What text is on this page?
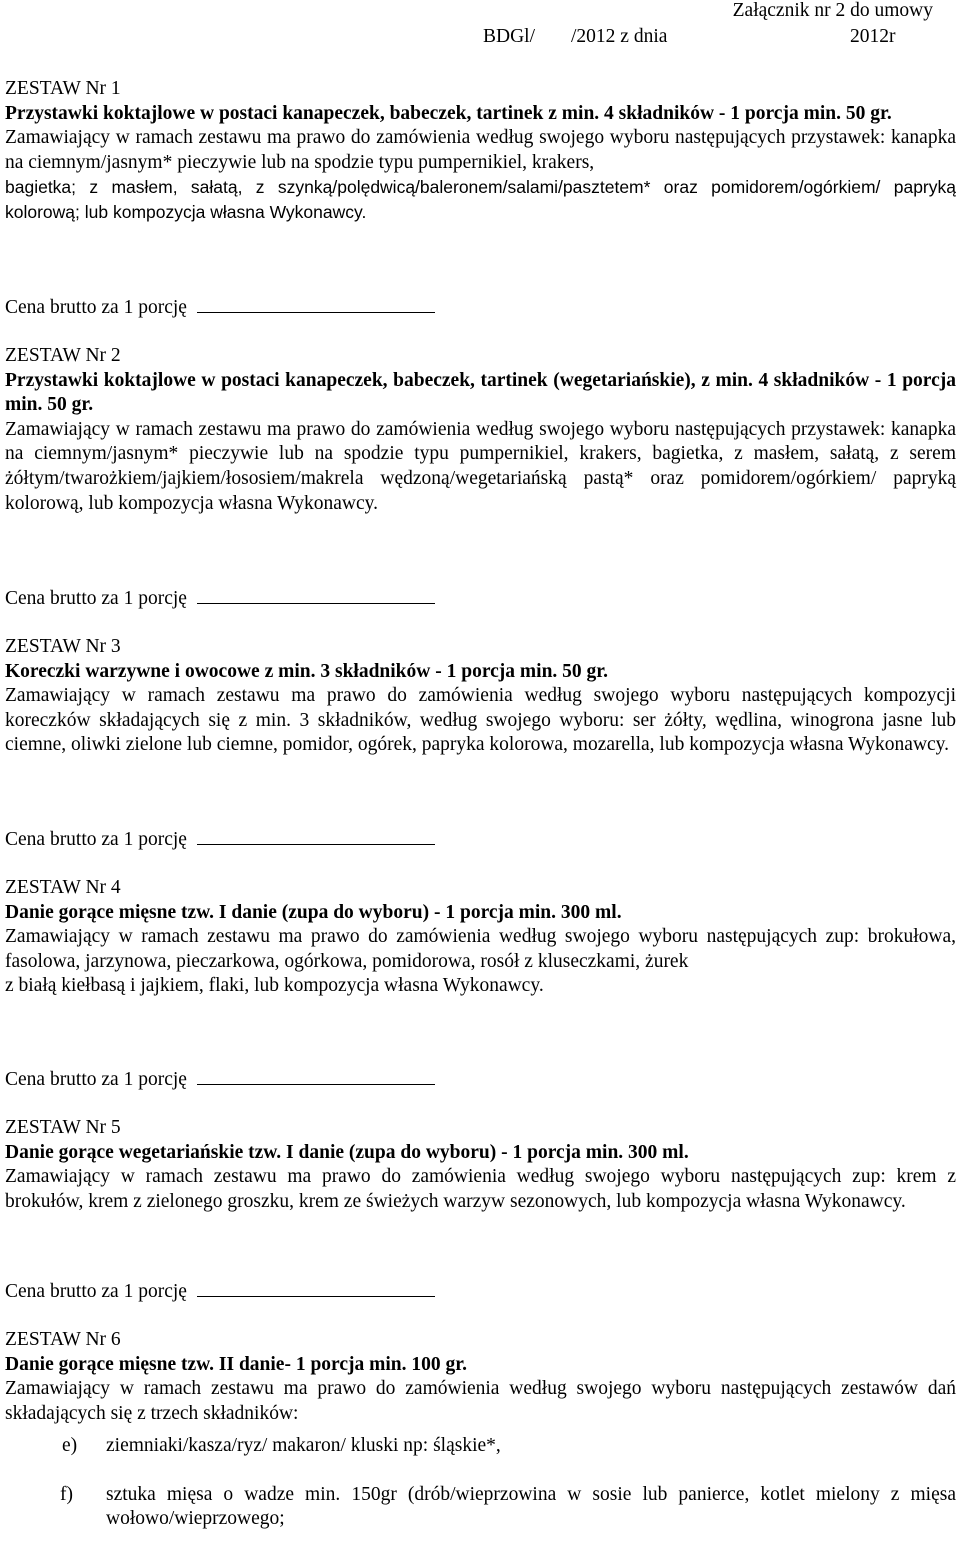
Załącznik nr 2 do umowy

BDGl/

/2012 z dnia

	2012r

ZESTAW Nr 1
Przystawki koktajlowe w postaci kanapeczek, babeczek, tartinek z min. 4 składników - 1 porcja min. 50 gr.
Zamawiający w ramach zestawu ma prawo do zamówienia według swojego wyboru następujących przystawek: kanapka na ciemnym/jasnym* pieczywie lub na spodzie typu pumpernikiel, krakers,
bagietka; z masłem, sałatą, z szynką/polędwicą/baleronem/salami/pasztetem* oraz pomidorem/ogórkiem/ papryką kolorową; lub kompozycja własna Wykonawcy.
Cena brutto za 1 porcję
ZESTAW Nr 2
Przystawki koktajlowe w postaci kanapeczek, babeczek, tartinek (wegetariańskie), z min. 4 składników - 1 porcja min. 50 gr.
Zamawiający w ramach zestawu ma prawo do zamówienia według swojego wyboru następujących przystawek: kanapka na ciemnym/jasnym* pieczywie lub na spodzie typu pumpernikiel, krakers, bagietka, z masłem, sałatą, z serem żółtym/twarożkiem/jajkiem/łososiem/makrela wędzoną/wegetariańską pastą* oraz pomidorem/ogórkiem/ papryką kolorową, lub kompozycja własna Wykonawcy.
Cena brutto za 1 porcję
ZESTAW Nr 3
Koreczki warzywne i owocowe z min. 3 składników - 1 porcja min. 50 gr.
Zamawiający w ramach zestawu ma prawo do zamówienia według swojego wyboru następujących kompozycji koreczków składających się z min. 3 składników, według swojego wyboru: ser żółty, wędlina, winogrona jasne lub ciemne, oliwki zielone lub ciemne, pomidor, ogórek, papryka kolorowa, mozarella, lub kompozycja własna Wykonawcy.
Cena brutto za 1 porcję
ZESTAW Nr 4
Danie gorące mięsne tzw. I danie (zupa do wyboru) - 1 porcja min. 300 ml.
Zamawiający w ramach zestawu ma prawo do zamówienia według swojego wyboru następujących zup: brokułowa, fasolowa, jarzynowa, pieczarkowa, ogórkowa, pomidorowa, rosół z kluseczkami, żurek
z białą kiełbasą i jajkiem, flaki, lub kompozycja własna Wykonawcy.
Cena brutto za 1 porcję
ZESTAW Nr 5
Danie gorące wegetariańskie tzw. I danie (zupa do wyboru) - 1 porcja min. 300 ml.
Zamawiający w ramach zestawu ma prawo do zamówienia według swojego wyboru następujących zup: krem z brokułów, krem z zielonego groszku, krem ze świeżych warzyw sezonowych, lub kompozycja własna Wykonawcy.
Cena brutto za 1 porcję
ZESTAW Nr 6
Danie gorące mięsne tzw. II danie- 1 porcja min. 100 gr.
Zamawiający w ramach zestawu ma prawo do zamówienia według swojego wyboru następujących zestawów dań składających się z trzech składników:
e) ziemniaki/kasza/ryz/ makaron/ kluski np: śląskie*,
f) sztuka mięsa o wadze min. 150gr (drób/wieprzowina w sosie lub panierce, kotlet mielony z mięsa wołowo/wieprzowego;
